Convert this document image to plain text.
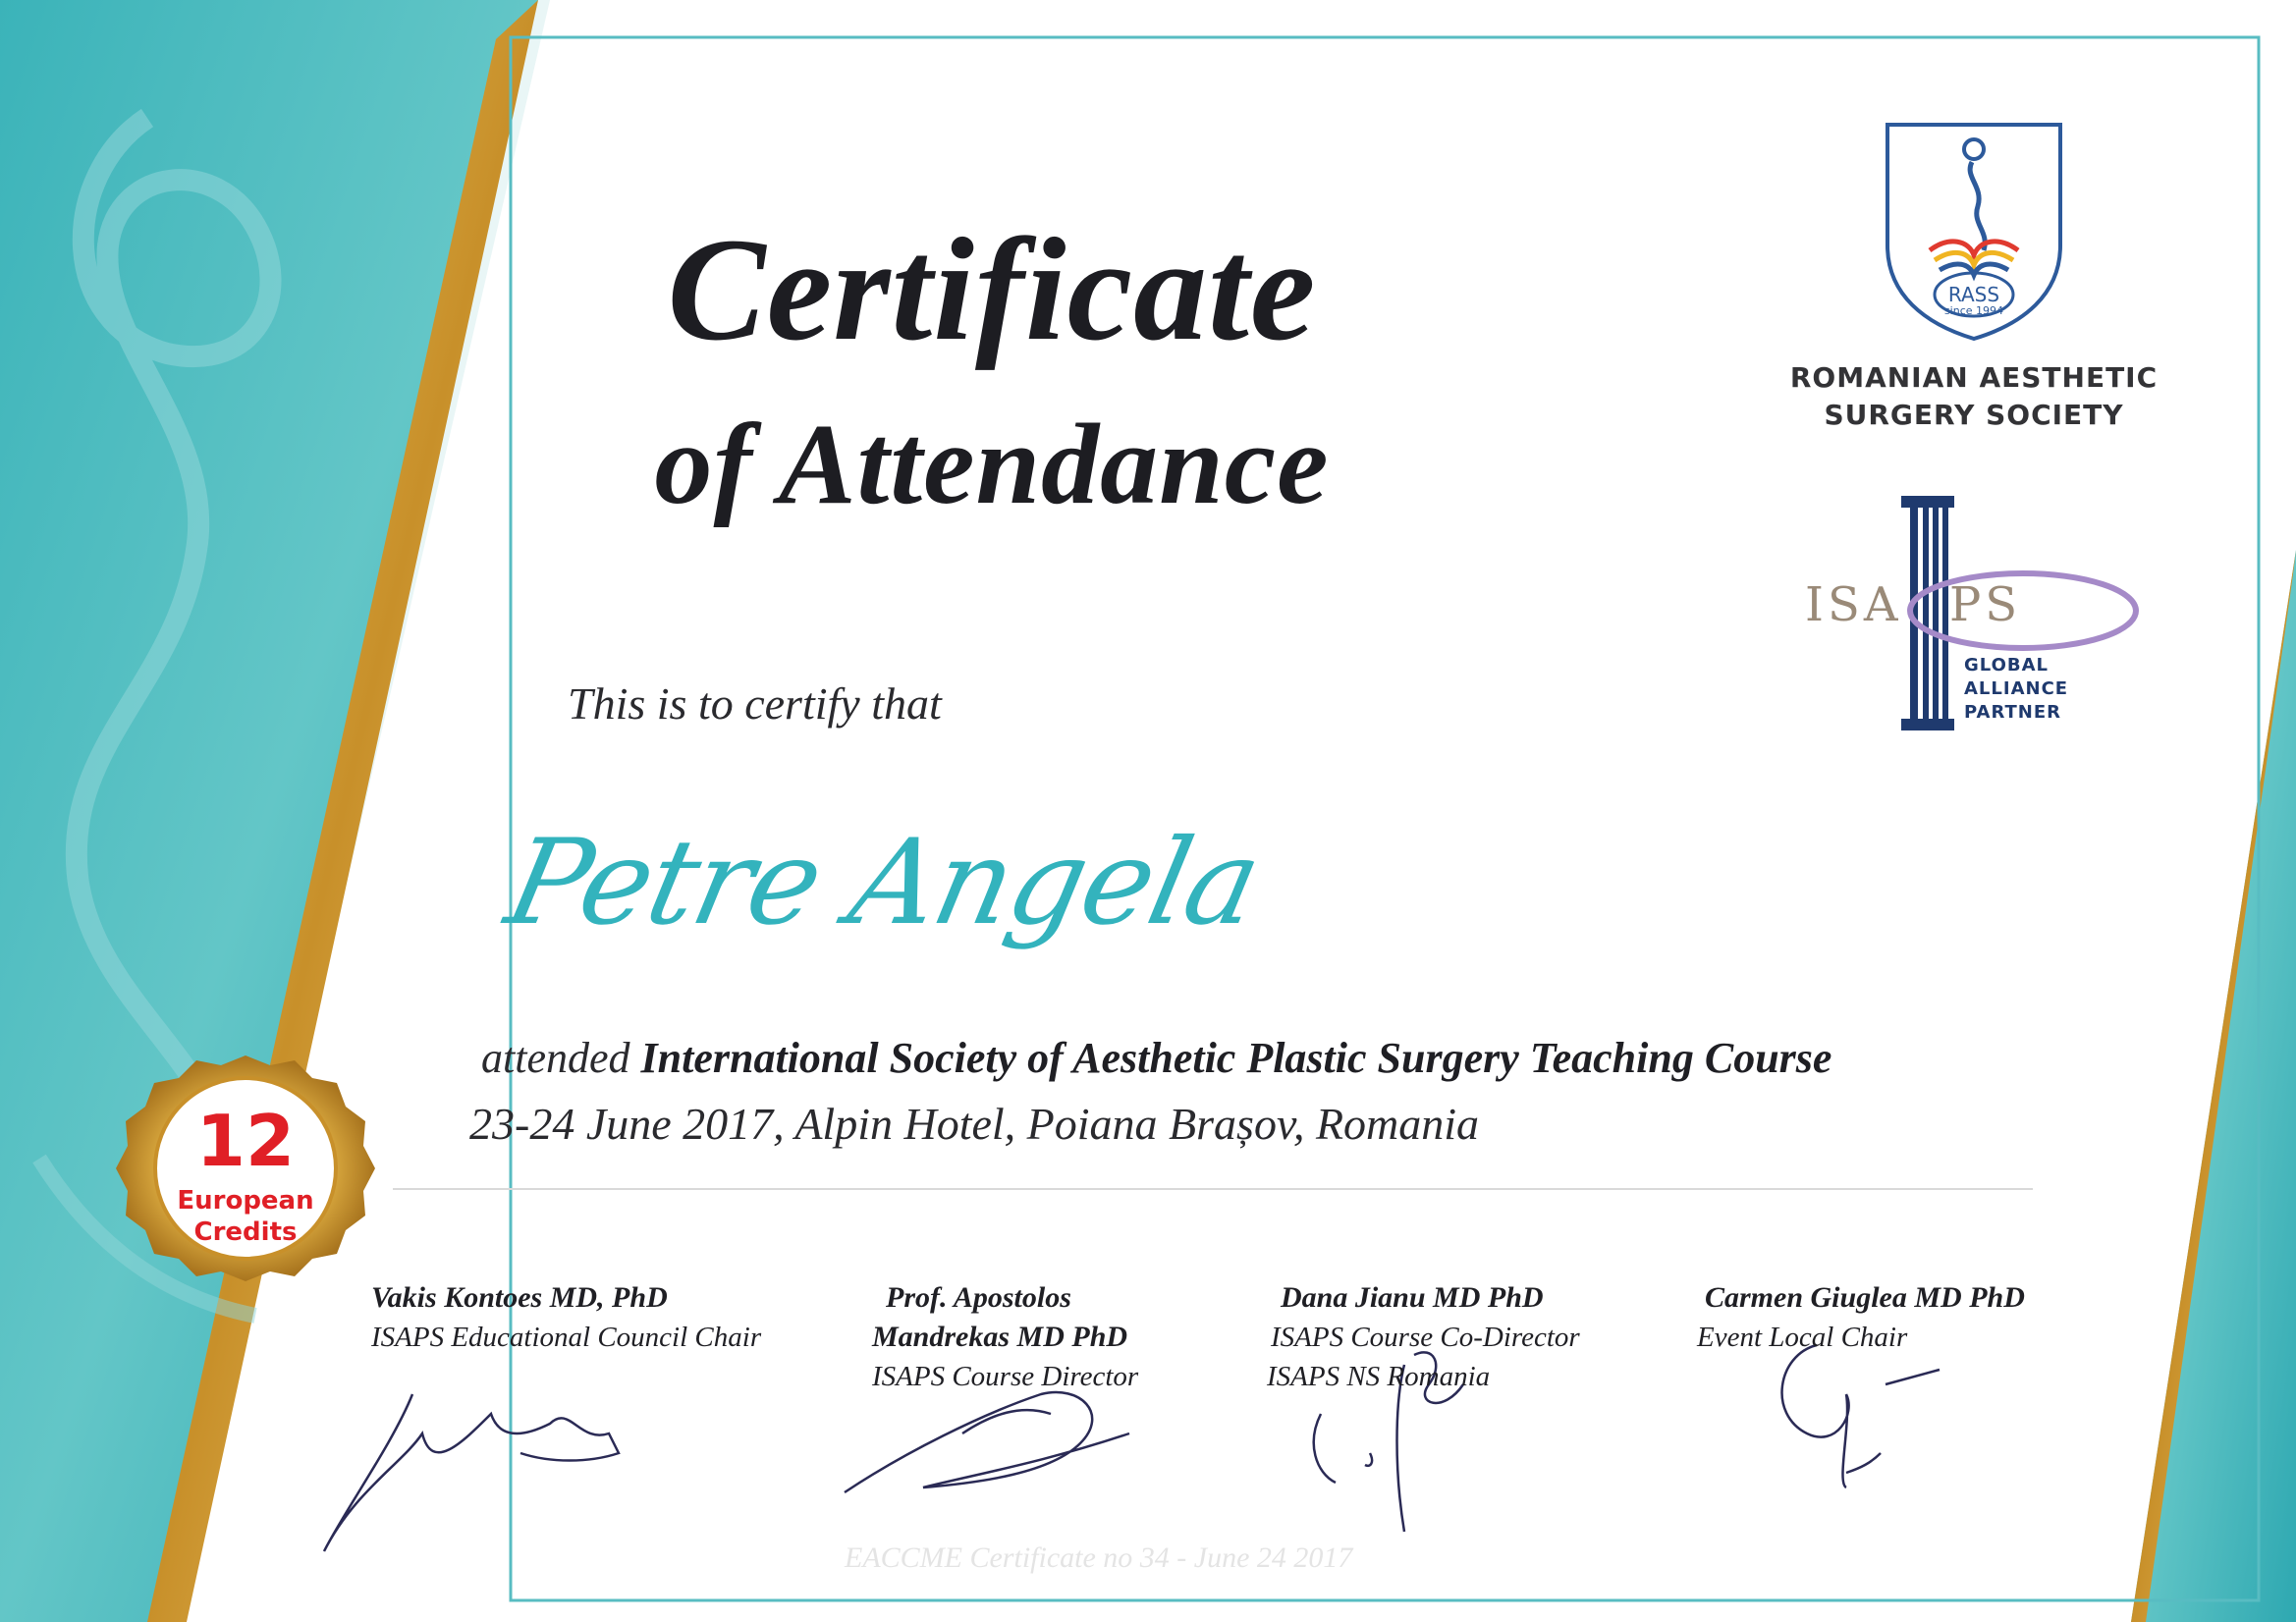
Certificate
of Attendance
RASS
since 1994
ROMANIAN AESTHETIC
SURGERY SOCIETY
ISA PS
GLOBAL
ALLIANCE
PARTNER
This is to certify that
Petre Angela
attended International Society of Aesthetic Plastic Surgery Teaching Course
23-24 June 2017, Alpin Hotel, Poiana Brașov, Romania
12
European
Credits
Vakis Kontoes MD, PhD
ISAPS Educational Council Chair
Prof. Apostolos
Mandrekas MD PhD
ISAPS Course Director
Dana Jianu MD PhD
ISAPS Course Co-Director
ISAPS NS Romania
Carmen Giuglea MD PhD
Event Local Chair
EACCME Certificate no 34 - June 24 2017
